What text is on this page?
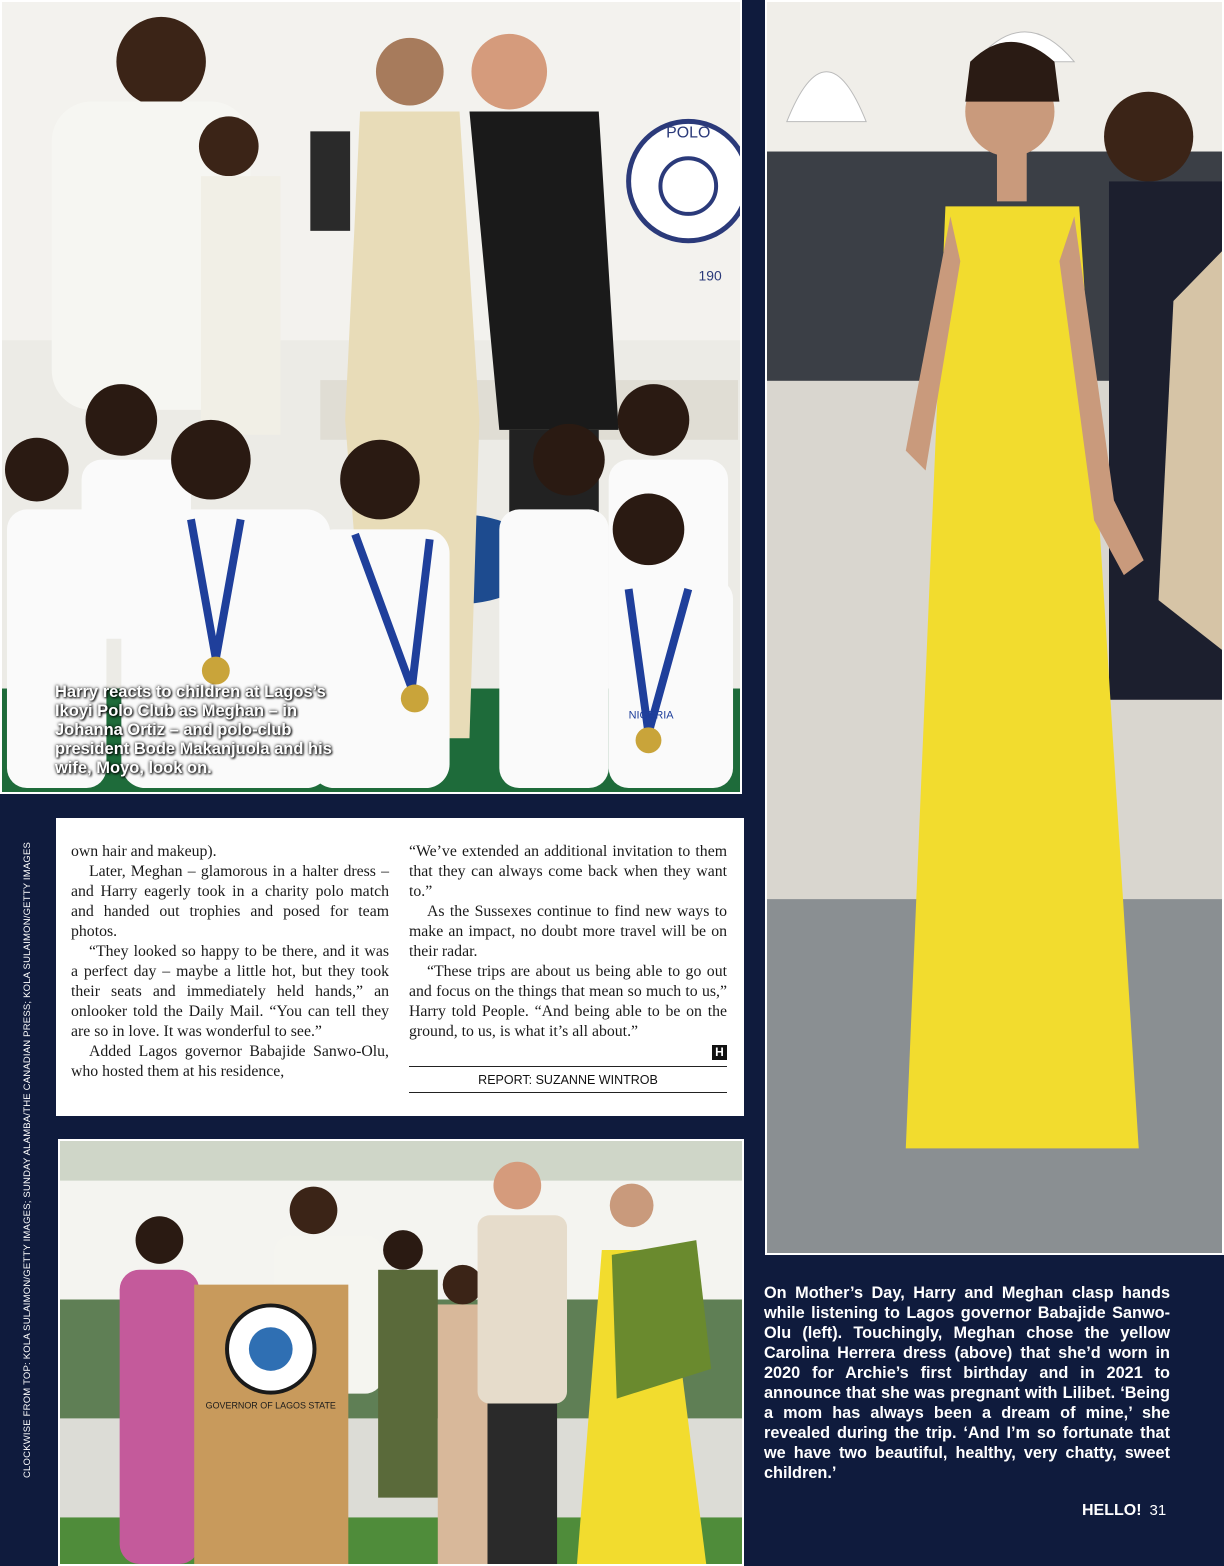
POLO
190
NIGERIA
Harry reacts to children at Lagos’s Ikoyi Polo Club as Meghan – in Johanna Ortiz – and polo-club president Bode Makanjuola and his wife, Moyo, look on.
CLOCKWISE FROM TOP: KOLA SULAIMON/GETTY IMAGES; SUNDAY ALAMBA/THE CANADIAN PRESS; KOLA SULAIMON/GETTY IMAGES own hair and makeup).

Later, Meghan – glamorous in a halter dress – and Harry eagerly took in a charity polo match and handed out trophies and posed for team photos.

“They looked so happy to be there, and it was a perfect day – maybe a little hot, but they took their seats and immediately held hands,” an onlooker told the Daily Mail. “You can tell they are so in love. It was wonderful to see.”

Added Lagos governor Babajide Sanwo-Olu, who hosted them at his residence,

“We’ve extended an additional invitation to them that they can always come back when they want to.”

As the Sussexes continue to find new ways to make an impact, no doubt more travel will be on their radar.

“These trips are about us being able to go out and focus on the things that mean so much to us,” Harry told People. “And being able to be on the ground, to us, is what it’s all about.”

H
REPORT: SUZANNE WINTROB
GOVERNOR OF LAGOS STATE
On Mother’s Day, Harry and Meghan clasp hands while listening to Lagos governor Babajide Sanwo-Olu (left). Touchingly, Meghan chose the yellow Carolina Herrera dress (above) that she’d worn in 2020 for Archie’s first birthday and in 2021 to announce that she was pregnant with Lilibet. ‘Being a mom has always been a dream of mine,’ she revealed during the trip. ‘And I’m so fortunate that we have two beautiful, healthy, very chatty, sweet children.’
HELLO! 31
